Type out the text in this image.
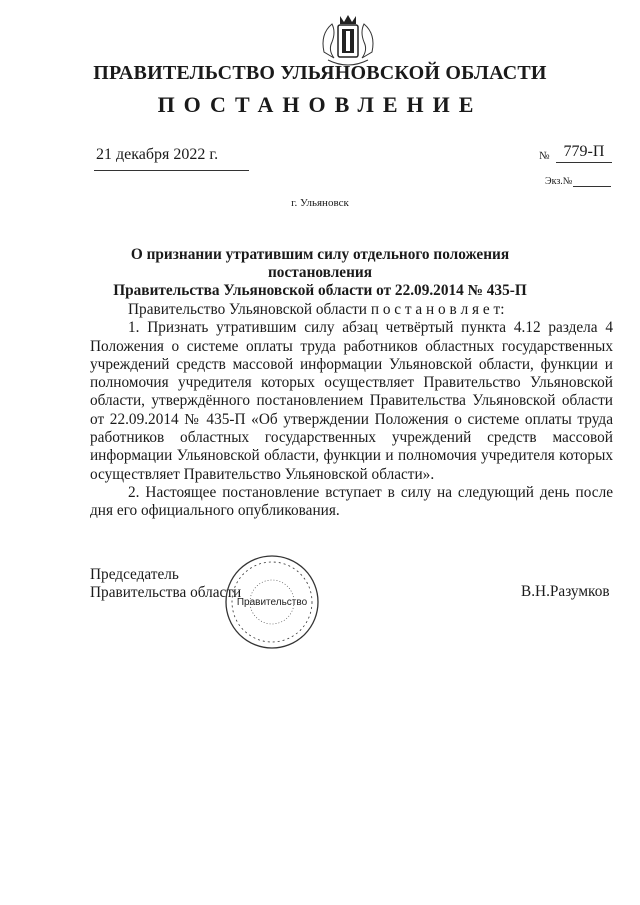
ПРАВИТЕЛЬСТВО УЛЬЯНОВСКОЙ ОБЛАСТИ
ПОСТАНОВЛЕНИЕ
21 декабря 2022 г.	№ 779-П
Экз.№
г. Ульяновск
О признании утратившим силу отдельного положения постановления
Правительства Ульяновской области от 22.09.2014 № 435-П

Правительство Ульяновской области п о с т а н о в л я е т:

1. Признать утратившим силу абзац четвёртый пункта 4.12 раздела 4 Положения о системе оплаты труда работников областных государственных учреждений средств массовой информации Ульяновской области, функции и полномочия учредителя которых осуществляет Правительство Ульяновской области, утверждённого постановлением Правительства Ульяновской области от 22.09.2014 № 435-П «Об утверждении Положения о системе оплаты труда работников областных государственных учреждений средств массовой информации Ульяновской области, функции и полномочия учредителя которых осуществляет Правительство Ульяновской области».

2. Настоящее постановление вступает в силу на следующий день после дня его официального опубликования.

Председатель
Правительства области	В.Н.Разумков
Правительство
